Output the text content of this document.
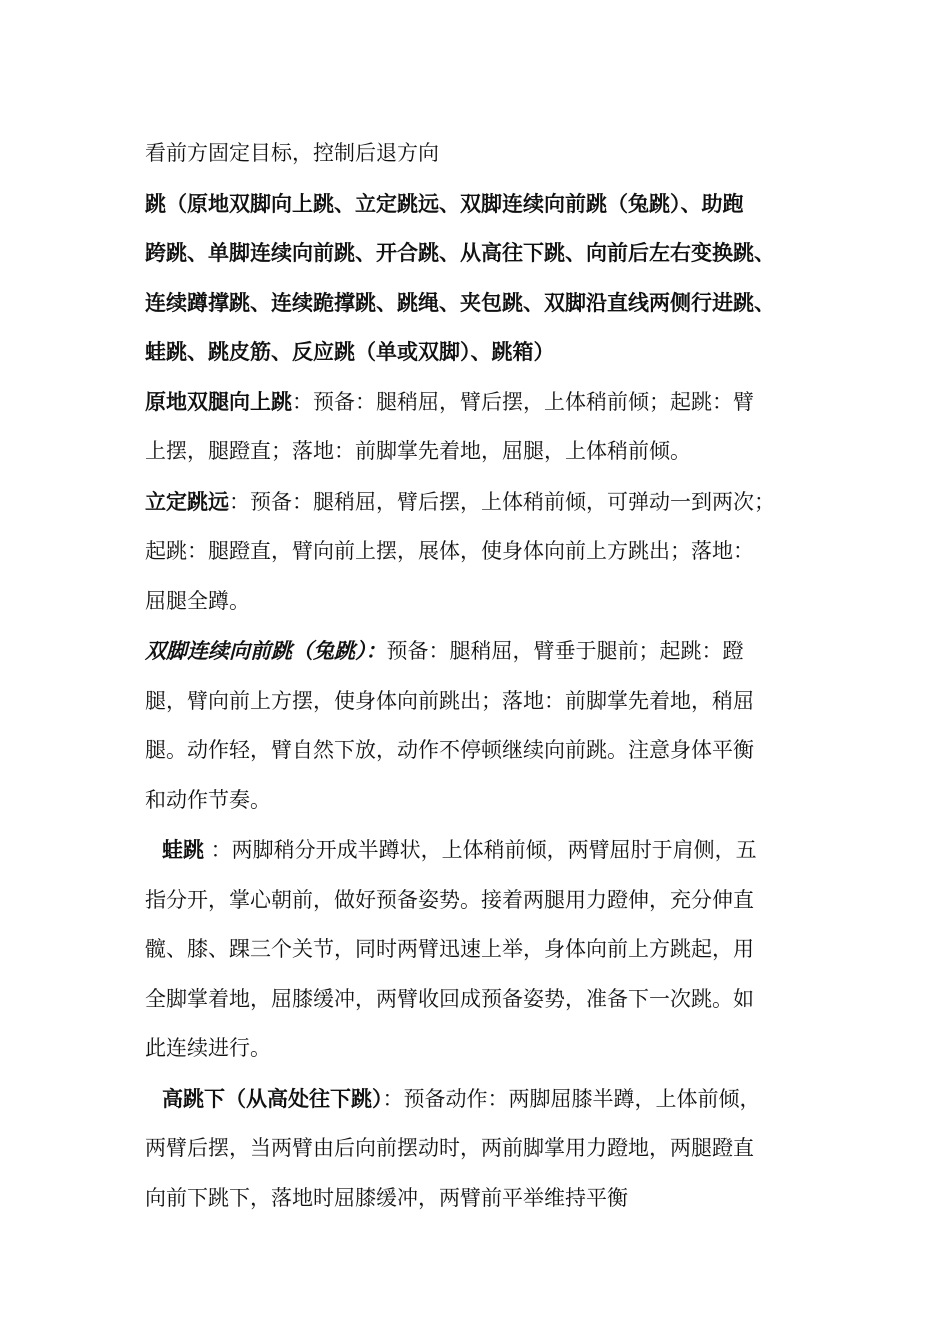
看前方固定目标，控制后退方向

跳（原地双脚向上跳、立定跳远、双脚连续向前跳（兔跳）、助跑

跨跳、单脚连续向前跳、开合跳、从高往下跳、向前后左右变换跳、

连续蹲撑跳、连续跪撑跳、跳绳、夹包跳、双脚沿直线两侧行进跳、

蛙跳、跳皮筋、反应跳（单或双脚）、跳箱）

原地双腿向上跳：预备：腿稍屈，臂后摆，上体稍前倾；起跳：臂

上摆，腿蹬直；落地：前脚掌先着地，屈腿，上体稍前倾。

立定跳远：预备：腿稍屈，臂后摆，上体稍前倾，可弹动一到两次；

起跳：腿蹬直，臂向前上摆，展体，使身体向前上方跳出；落地：

屈腿全蹲。

双脚连续向前跳（兔跳）：预备：腿稍屈，臂垂于腿前；起跳：蹬

腿，臂向前上方摆，使身体向前跳出；落地：前脚掌先着地，稍屈

腿。动作轻，臂自然下放，动作不停顿继续向前跳。注意身体平衡

和动作节奏。

蛙跳 ：两脚稍分开成半蹲状，上体稍前倾，两臂屈肘于肩侧，五

指分开，掌心朝前，做好预备姿势。接着两腿用力蹬伸，充分伸直

髋、膝、踝三个关节，同时两臂迅速上举，身体向前上方跳起，用

全脚掌着地，屈膝缓冲，两臂收回成预备姿势，准备下一次跳。如

此连续进行。

高跳下（从高处往下跳）：预备动作：两脚屈膝半蹲，上体前倾，

两臂后摆，当两臂由后向前摆动时，两前脚掌用力蹬地，两腿蹬直

向前下跳下，落地时屈膝缓冲，两臂前平举维持平衡
